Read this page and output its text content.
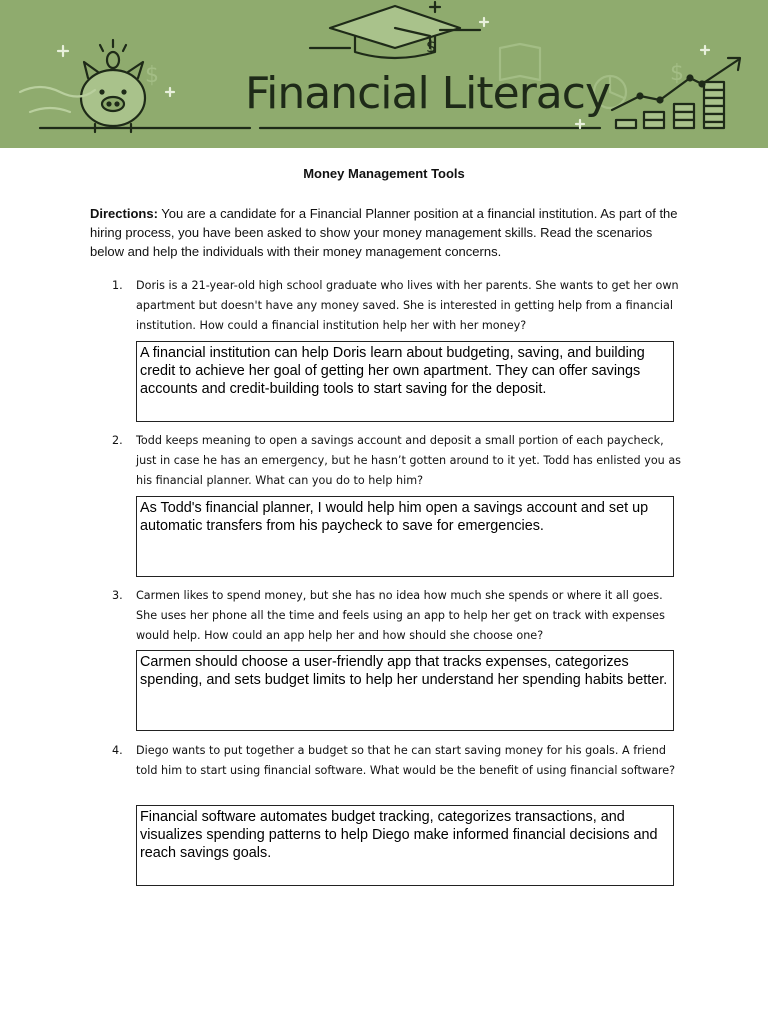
$
$	$
Financial Literacy
Money Management Tools
Directions: You are a candidate for a Financial Planner position at a financial institution. As part of the hiring process, you have been asked to show your money management skills. Read the scenarios below and help the individuals with their money management concerns.
1. Doris is a 21-year-old high school graduate who lives with her parents. She wants to get her own apartment but doesn't have any money saved. She is interested in getting help from a financial institution. How could a financial institution help her with her money?
A financial institution can help Doris learn about budgeting, saving, and building credit to achieve her goal of getting her own apartment. They can offer savings accounts and credit-building tools to start saving for the deposit.
2. Todd keeps meaning to open a savings account and deposit a small portion of each paycheck, just in case he has an emergency, but he hasn’t gotten around to it yet. Todd has enlisted you as his financial planner. What can you do to help him?
As Todd's financial planner, I would help him open a savings account and set up automatic transfers from his paycheck to save for emergencies.
3. Carmen likes to spend money, but she has no idea how much she spends or where it all goes. She uses her phone all the time and feels using an app to help her get on track with expenses would help. How could an app help her and how should she choose one?
Carmen should choose a user-friendly app that tracks expenses, categorizes spending, and sets budget limits to help her understand her spending habits better.
4. Diego wants to put together a budget so that he can start saving money for his goals. A friend told him to start using financial software. What would be the benefit of using financial software?
Financial software automates budget tracking, categorizes transactions, and visualizes spending patterns to help Diego make informed financial decisions and reach savings goals.
